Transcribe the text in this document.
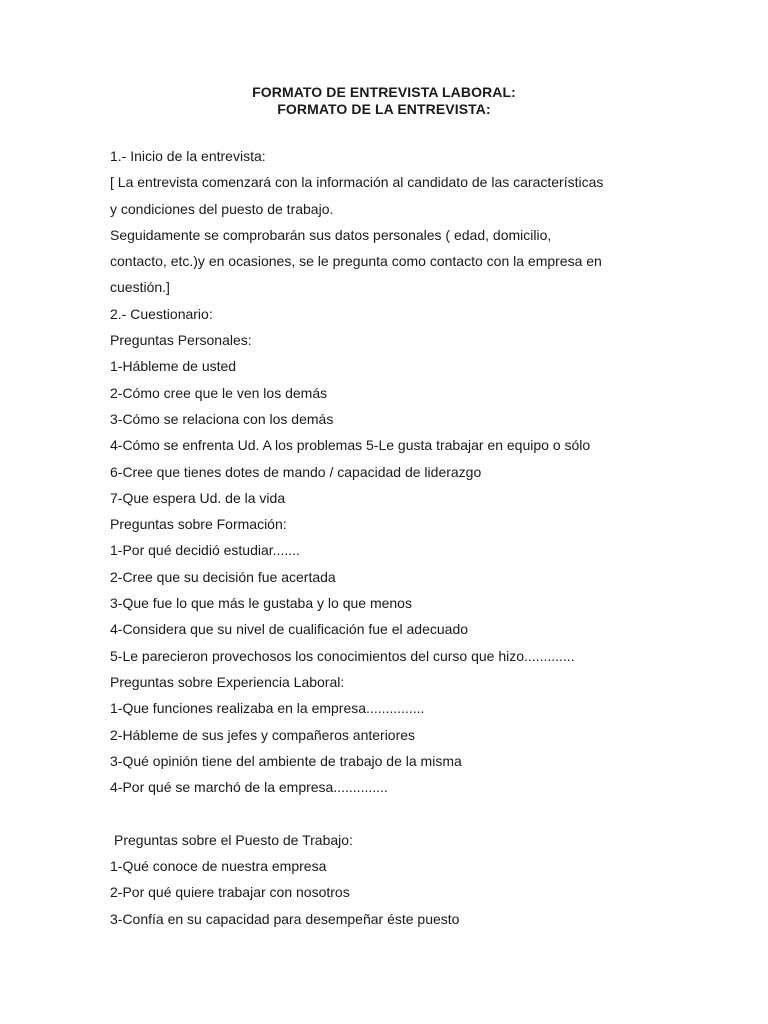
FORMATO DE ENTREVISTA LABORAL:
FORMATO DE LA ENTREVISTA:
1.- Inicio de la entrevista:
[ La entrevista comenzará con la información al candidato de las características
y condiciones del puesto de trabajo.
Seguidamente se comprobarán sus datos personales ( edad, domicilio,
contacto, etc.)y en ocasiones, se le pregunta como contacto con la empresa en
cuestión.]
2.- Cuestionario:
Preguntas Personales:
1-Hábleme de usted
2-Cómo cree que le ven los demás
3-Cómo se relaciona con los demás
4-Cómo se enfrenta Ud. A los problemas 5-Le gusta trabajar en equipo o sólo
6-Cree que tienes dotes de mando / capacidad de liderazgo
7-Que espera Ud. de la vida
Preguntas sobre Formación:
1-Por qué decidió estudiar.......
2-Cree que su decisión fue acertada
3-Que fue lo que más le gustaba y lo que menos
4-Considera que su nivel de cualificación fue el adecuado
5-Le parecieron provechosos los conocimientos del curso que hizo.............
Preguntas sobre Experiencia Laboral:
1-Que funciones realizaba en la empresa...............
2-Hábleme de sus jefes y compañeros anteriores
3-Qué opinión tiene del ambiente de trabajo de la misma
4-Por qué se marchó de la empresa..............
Preguntas sobre el Puesto de Trabajo:
1-Qué conoce de nuestra empresa
2-Por qué quiere trabajar con nosotros
3-Confía en su capacidad para desempeñar éste puesto
